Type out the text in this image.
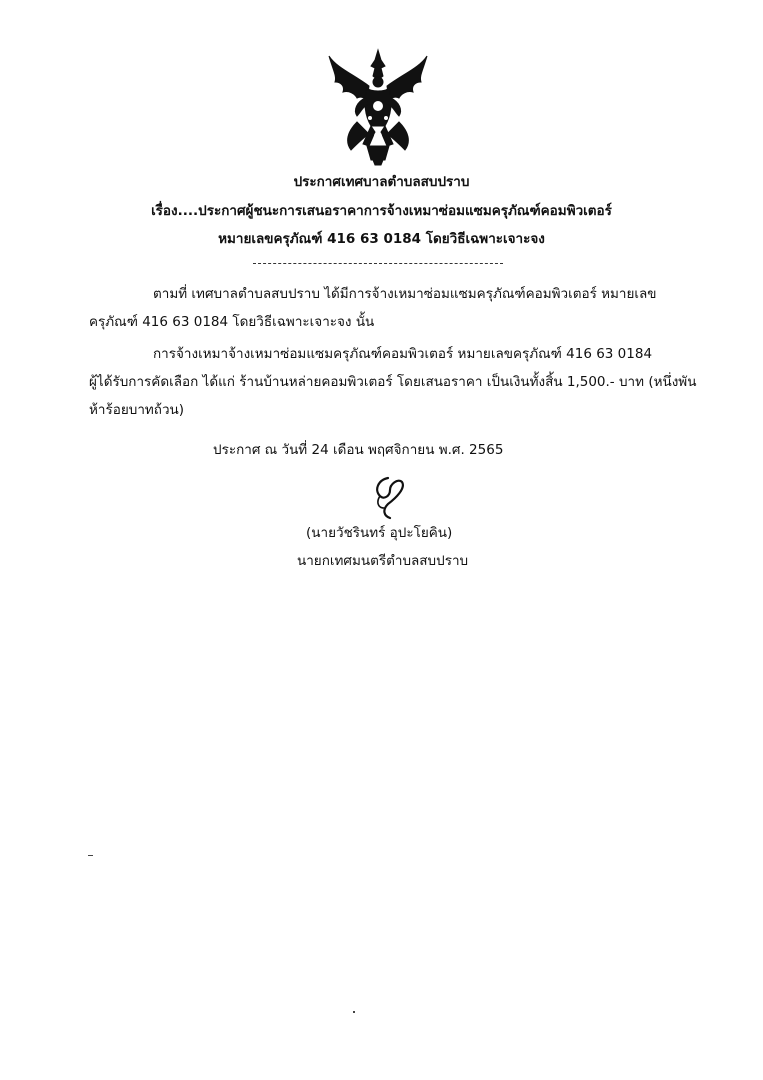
ประกาศเทศบาลตำบลสบปราบ
เรื่อง....ประกาศผู้ชนะการเสนอราคาการจ้างเหมาซ่อมแซมครุภัณฑ์คอมพิวเตอร์
หมายเลขครุภัณฑ์ 416 63 0184 โดยวิธีเฉพาะเจาะจง
ตามที่ เทศบาลตำบลสบปราบ ได้มีการจ้างเหมาซ่อมแซมครุภัณฑ์คอมพิวเตอร์ หมายเลข
ครุภัณฑ์ 416 63 0184 โดยวิธีเฉพาะเจาะจง นั้น
การจ้างเหมาจ้างเหมาซ่อมแซมครุภัณฑ์คอมพิวเตอร์ หมายเลขครุภัณฑ์ 416 63 0184
ผู้ได้รับการคัดเลือก ได้แก่ ร้านบ้านหล่ายคอมพิวเตอร์ โดยเสนอราคา เป็นเงินทั้งสิ้น 1,500.- บาท (หนึ่งพัน
ห้าร้อยบาทถ้วน)
ประกาศ ณ วันที่ 24 เดือน พฤศจิกายน พ.ศ. 2565
(นายวัชรินทร์ อุปะโยคิน)
นายกเทศมนตรีตำบลสบปราบ
